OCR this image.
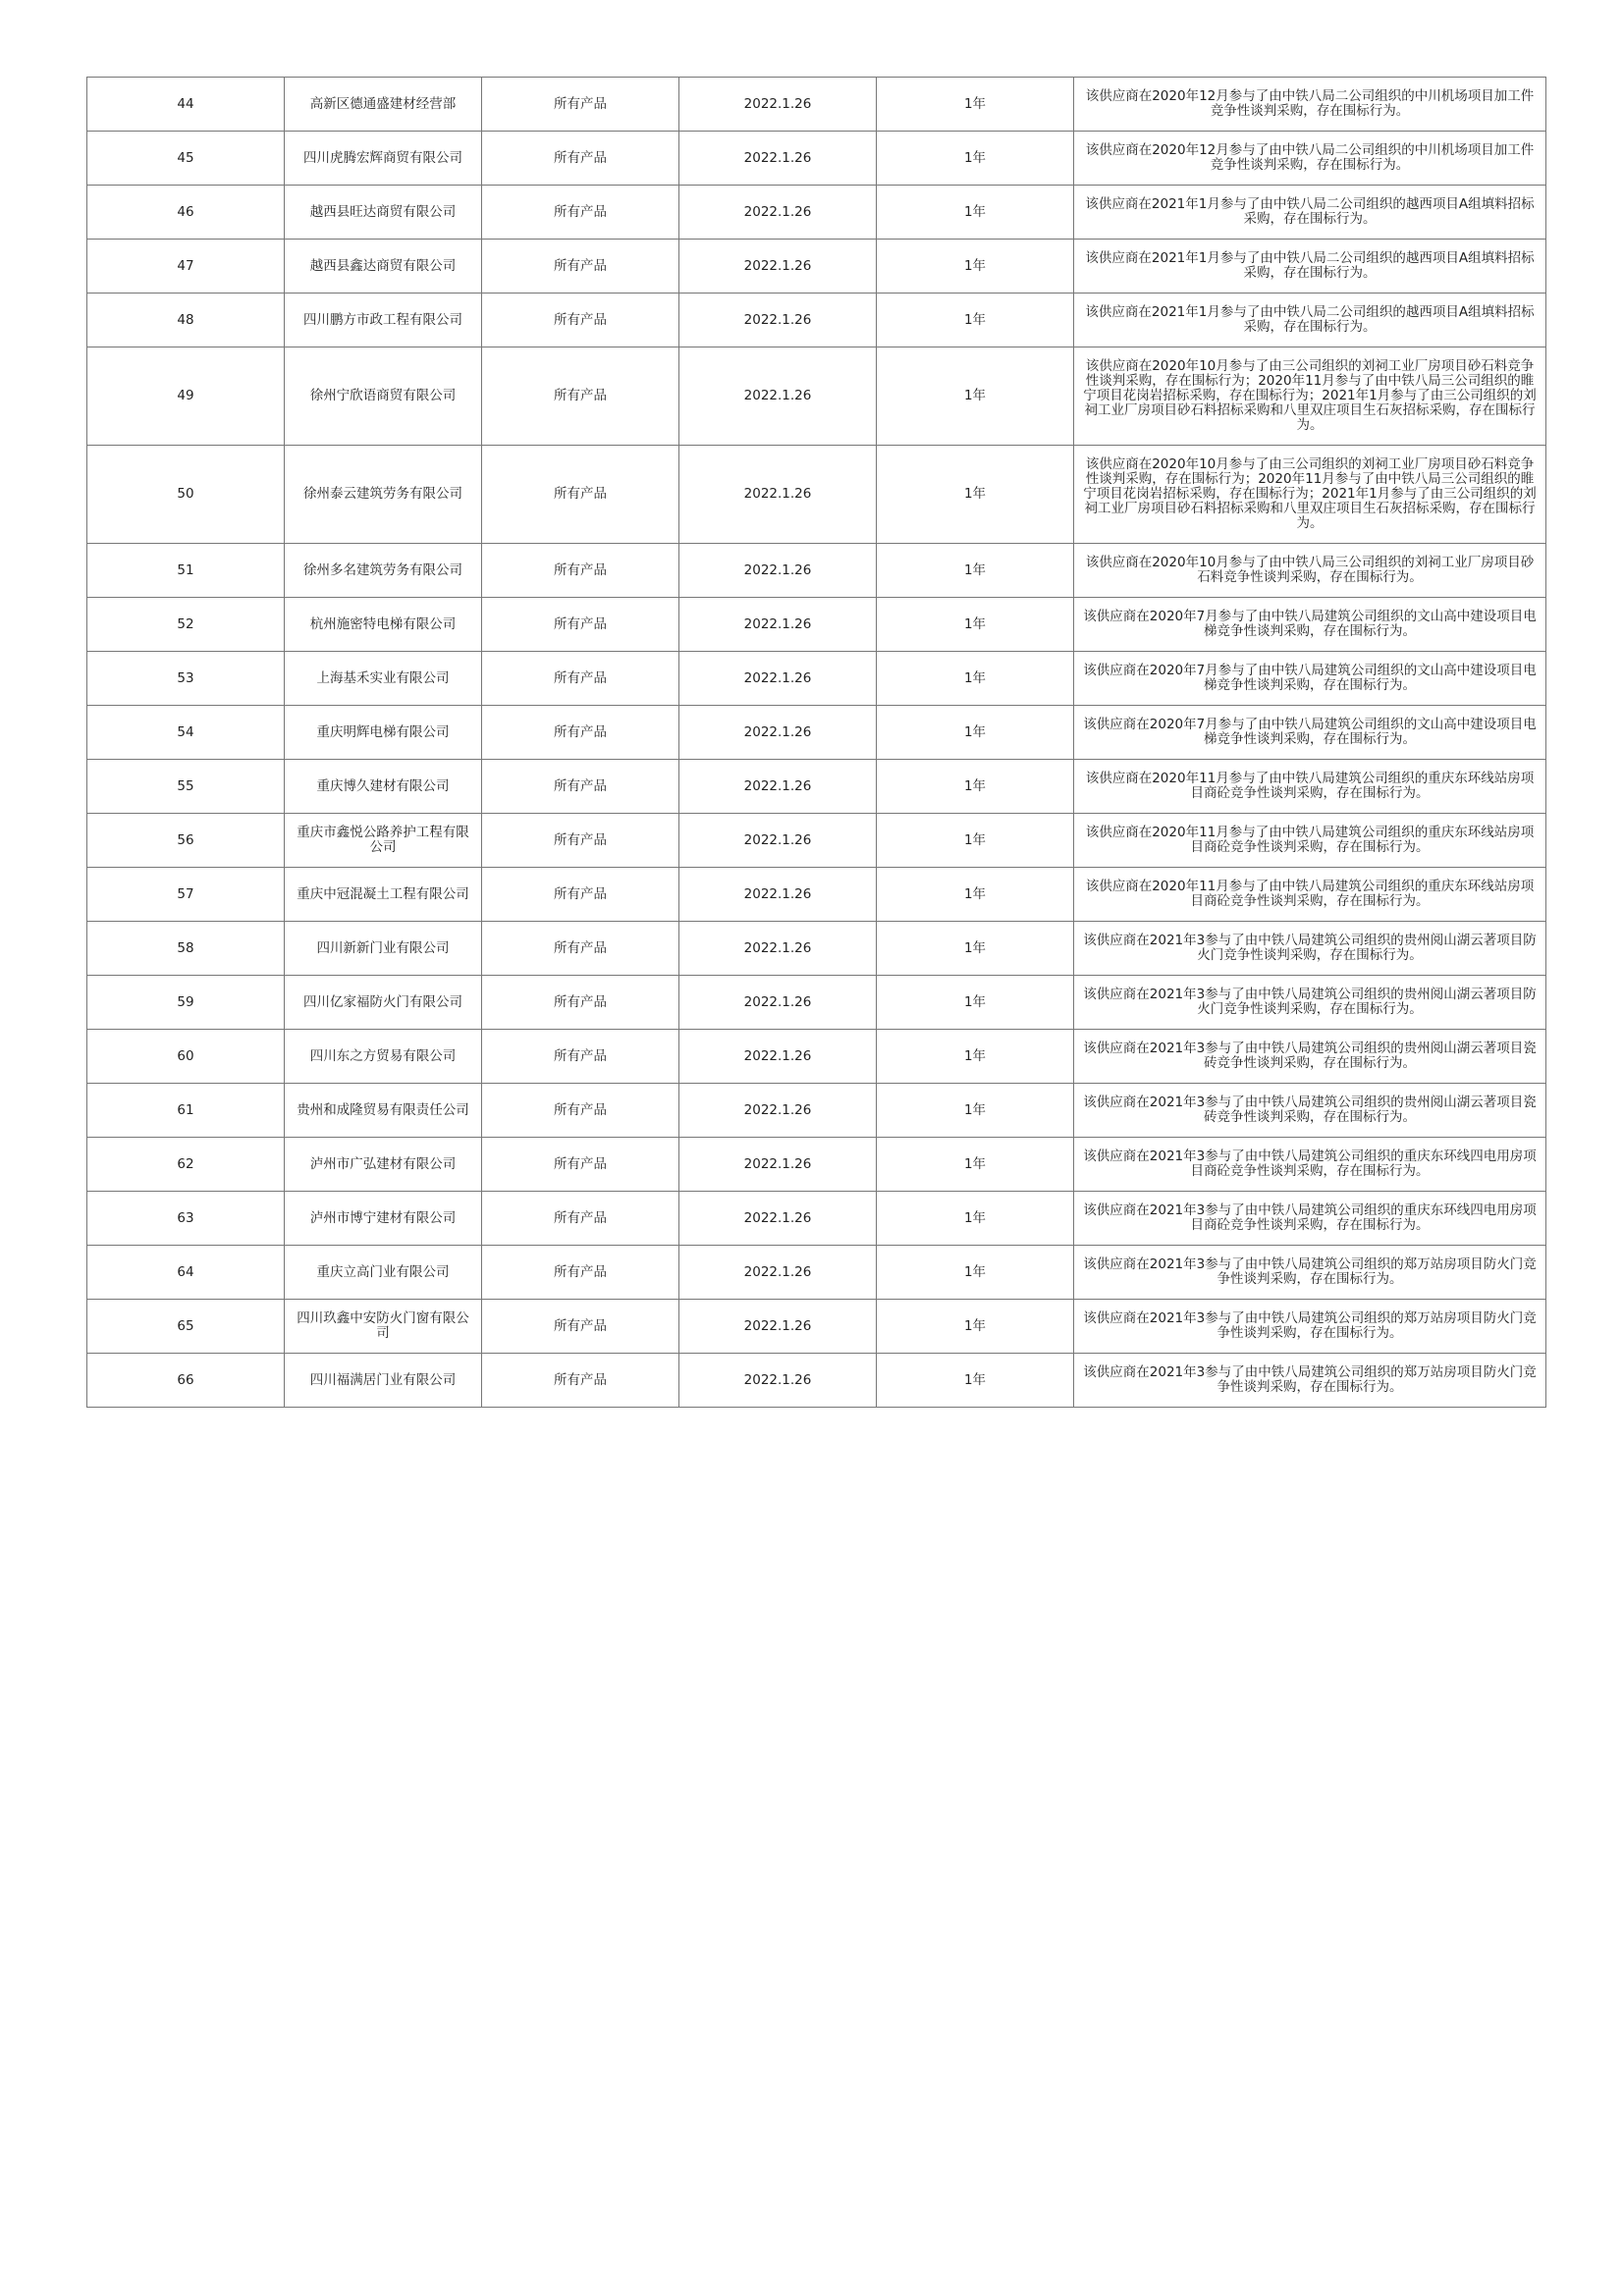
44	高新区德通盛建材经营部	所有产品	2022.1.26	1年	该供应商在2020年12月参与了由中铁八局二公司组织的中川机场项目加工件竞争性谈判采购，存在围标行为。
45	四川虎腾宏辉商贸有限公司	所有产品	2022.1.26	1年	该供应商在2020年12月参与了由中铁八局二公司组织的中川机场项目加工件竞争性谈判采购，存在围标行为。
46	越西县旺达商贸有限公司	所有产品	2022.1.26	1年	该供应商在2021年1月参与了由中铁八局二公司组织的越西项目A组填料招标采购，存在围标行为。
47	越西县鑫达商贸有限公司	所有产品	2022.1.26	1年	该供应商在2021年1月参与了由中铁八局二公司组织的越西项目A组填料招标采购，存在围标行为。
48	四川鹏方市政工程有限公司	所有产品	2022.1.26	1年	该供应商在2021年1月参与了由中铁八局二公司组织的越西项目A组填料招标采购，存在围标行为。
49	徐州宁欣语商贸有限公司	所有产品	2022.1.26	1年	该供应商在2020年10月参与了由三公司组织的刘祠工业厂房项目砂石料竞争性谈判采购，存在围标行为；2020年11月参与了由中铁八局三公司组织的睢宁项目花岗岩招标采购，存在围标行为；2021年1月参与了由三公司组织的刘祠工业厂房项目砂石料招标采购和八里双庄项目生石灰招标采购，存在围标行为。
50	徐州泰云建筑劳务有限公司	所有产品	2022.1.26	1年	该供应商在2020年10月参与了由三公司组织的刘祠工业厂房项目砂石料竞争性谈判采购，存在围标行为；2020年11月参与了由中铁八局三公司组织的睢宁项目花岗岩招标采购，存在围标行为；2021年1月参与了由三公司组织的刘祠工业厂房项目砂石料招标采购和八里双庄项目生石灰招标采购，存在围标行为。
51	徐州多名建筑劳务有限公司	所有产品	2022.1.26	1年	该供应商在2020年10月参与了由中铁八局三公司组织的刘祠工业厂房项目砂石料竞争性谈判采购，存在围标行为。
52	杭州施密特电梯有限公司	所有产品	2022.1.26	1年	该供应商在2020年7月参与了由中铁八局建筑公司组织的文山高中建设项目电梯竞争性谈判采购，存在围标行为。
53	上海基禾实业有限公司	所有产品	2022.1.26	1年	该供应商在2020年7月参与了由中铁八局建筑公司组织的文山高中建设项目电梯竞争性谈判采购，存在围标行为。
54	重庆明辉电梯有限公司	所有产品	2022.1.26	1年	该供应商在2020年7月参与了由中铁八局建筑公司组织的文山高中建设项目电梯竞争性谈判采购，存在围标行为。
55	重庆博久建材有限公司	所有产品	2022.1.26	1年	该供应商在2020年11月参与了由中铁八局建筑公司组织的重庆东环线站房项目商砼竞争性谈判采购，存在围标行为。
56	重庆市鑫悦公路养护工程有限公司	所有产品	2022.1.26	1年	该供应商在2020年11月参与了由中铁八局建筑公司组织的重庆东环线站房项目商砼竞争性谈判采购，存在围标行为。
57	重庆中冠混凝土工程有限公司	所有产品	2022.1.26	1年	该供应商在2020年11月参与了由中铁八局建筑公司组织的重庆东环线站房项目商砼竞争性谈判采购，存在围标行为。
58	四川新新门业有限公司	所有产品	2022.1.26	1年	该供应商在2021年3参与了由中铁八局建筑公司组织的贵州阅山湖云著项目防火门竞争性谈判采购，存在围标行为。
59	四川亿家福防火门有限公司	所有产品	2022.1.26	1年	该供应商在2021年3参与了由中铁八局建筑公司组织的贵州阅山湖云著项目防火门竞争性谈判采购，存在围标行为。
60	四川东之方贸易有限公司	所有产品	2022.1.26	1年	该供应商在2021年3参与了由中铁八局建筑公司组织的贵州阅山湖云著项目瓷砖竞争性谈判采购，存在围标行为。
61	贵州和成隆贸易有限责任公司	所有产品	2022.1.26	1年	该供应商在2021年3参与了由中铁八局建筑公司组织的贵州阅山湖云著项目瓷砖竞争性谈判采购，存在围标行为。
62	泸州市广弘建材有限公司	所有产品	2022.1.26	1年	该供应商在2021年3参与了由中铁八局建筑公司组织的重庆东环线四电用房项目商砼竞争性谈判采购，存在围标行为。
63	泸州市博宁建材有限公司	所有产品	2022.1.26	1年	该供应商在2021年3参与了由中铁八局建筑公司组织的重庆东环线四电用房项目商砼竞争性谈判采购，存在围标行为。
64	重庆立高门业有限公司	所有产品	2022.1.26	1年	该供应商在2021年3参与了由中铁八局建筑公司组织的郑万站房项目防火门竞争性谈判采购，存在围标行为。
65	四川玖鑫中安防火门窗有限公司	所有产品	2022.1.26	1年	该供应商在2021年3参与了由中铁八局建筑公司组织的郑万站房项目防火门竞争性谈判采购，存在围标行为。
66	四川福满居门业有限公司	所有产品	2022.1.26	1年	该供应商在2021年3参与了由中铁八局建筑公司组织的郑万站房项目防火门竞争性谈判采购，存在围标行为。
